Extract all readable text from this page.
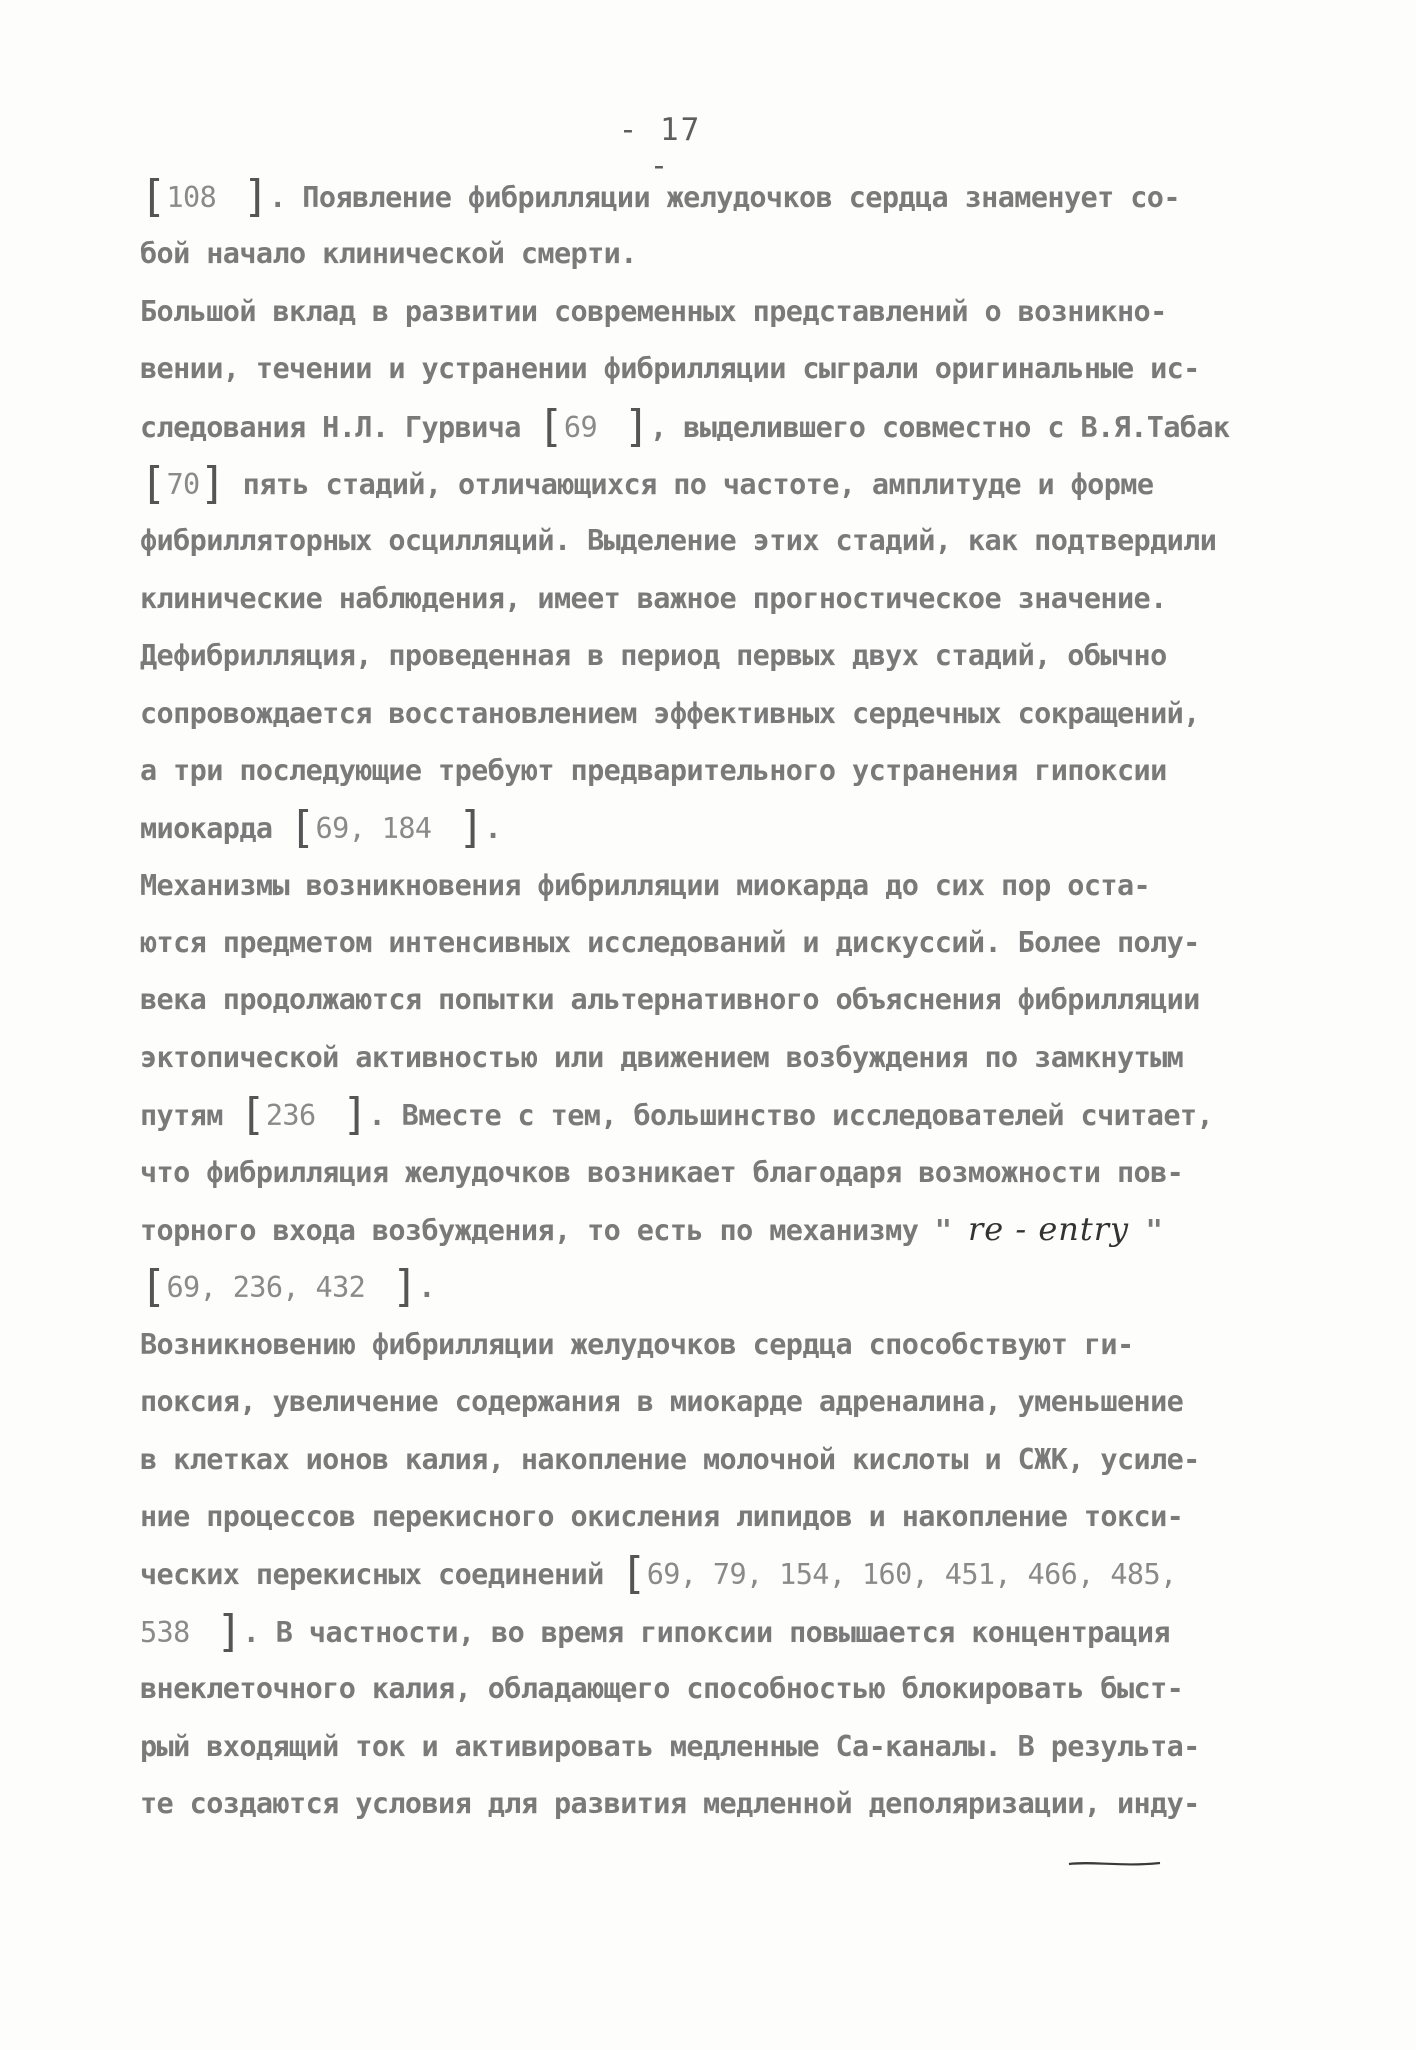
- 17 -
[108 ]. Появление фибрилляции желудочков сердца знаменует со-
бой начало клинической смерти.
Большой вклад в развитии современных представлений о возникно-
вении, течении и устранении фибрилляции сыграли оригинальные ис-
следования Н.Л. Гурвича [69 ], выделившего совместно с В.Я.Табак
[70] пять стадий, отличающихся по частоте, амплитуде и форме
фибрилляторных осцилляций. Выделение этих стадий, как подтвердили
клинические наблюдения, имеет важное прогностическое значение.
Дефибрилляция, проведенная в период первых двух стадий, обычно
сопровождается восстановлением эффективных сердечных сокращений,
а три последующие требуют предварительного устранения гипоксии
миокарда [69, 184 ].
Механизмы возникновения фибрилляции миокарда до сих пор оста-
ются предметом интенсивных исследований и дискуссий. Более полу-
века продолжаются попытки альтернативного объяснения фибрилляции
эктопической активностью или движением возбуждения по замкнутым
путям [236 ]. Вместе с тем, большинство исследователей считает,
что фибрилляция желудочков возникает благодаря возможности пов-
торного входа возбуждения, то есть по механизму " re - entry "
[69, 236, 432 ].
Возникновению фибрилляции желудочков сердца способствуют ги-
поксия, увеличение содержания в миокарде адреналина, уменьшение
в клетках ионов калия, накопление молочной кислоты и СЖК, усиле-
ние процессов перекисного окисления липидов и накопление токси-
ческих перекисных соединений [69, 79, 154, 160, 451, 466, 485,
538 ]. В частности, во время гипоксии повышается концентрация
внеклеточного калия, обладающего способностью блокировать быст-
рый входящий ток и активировать медленные Са-каналы. В результа-
те создаются условия для развития медленной деполяризации, инду-
